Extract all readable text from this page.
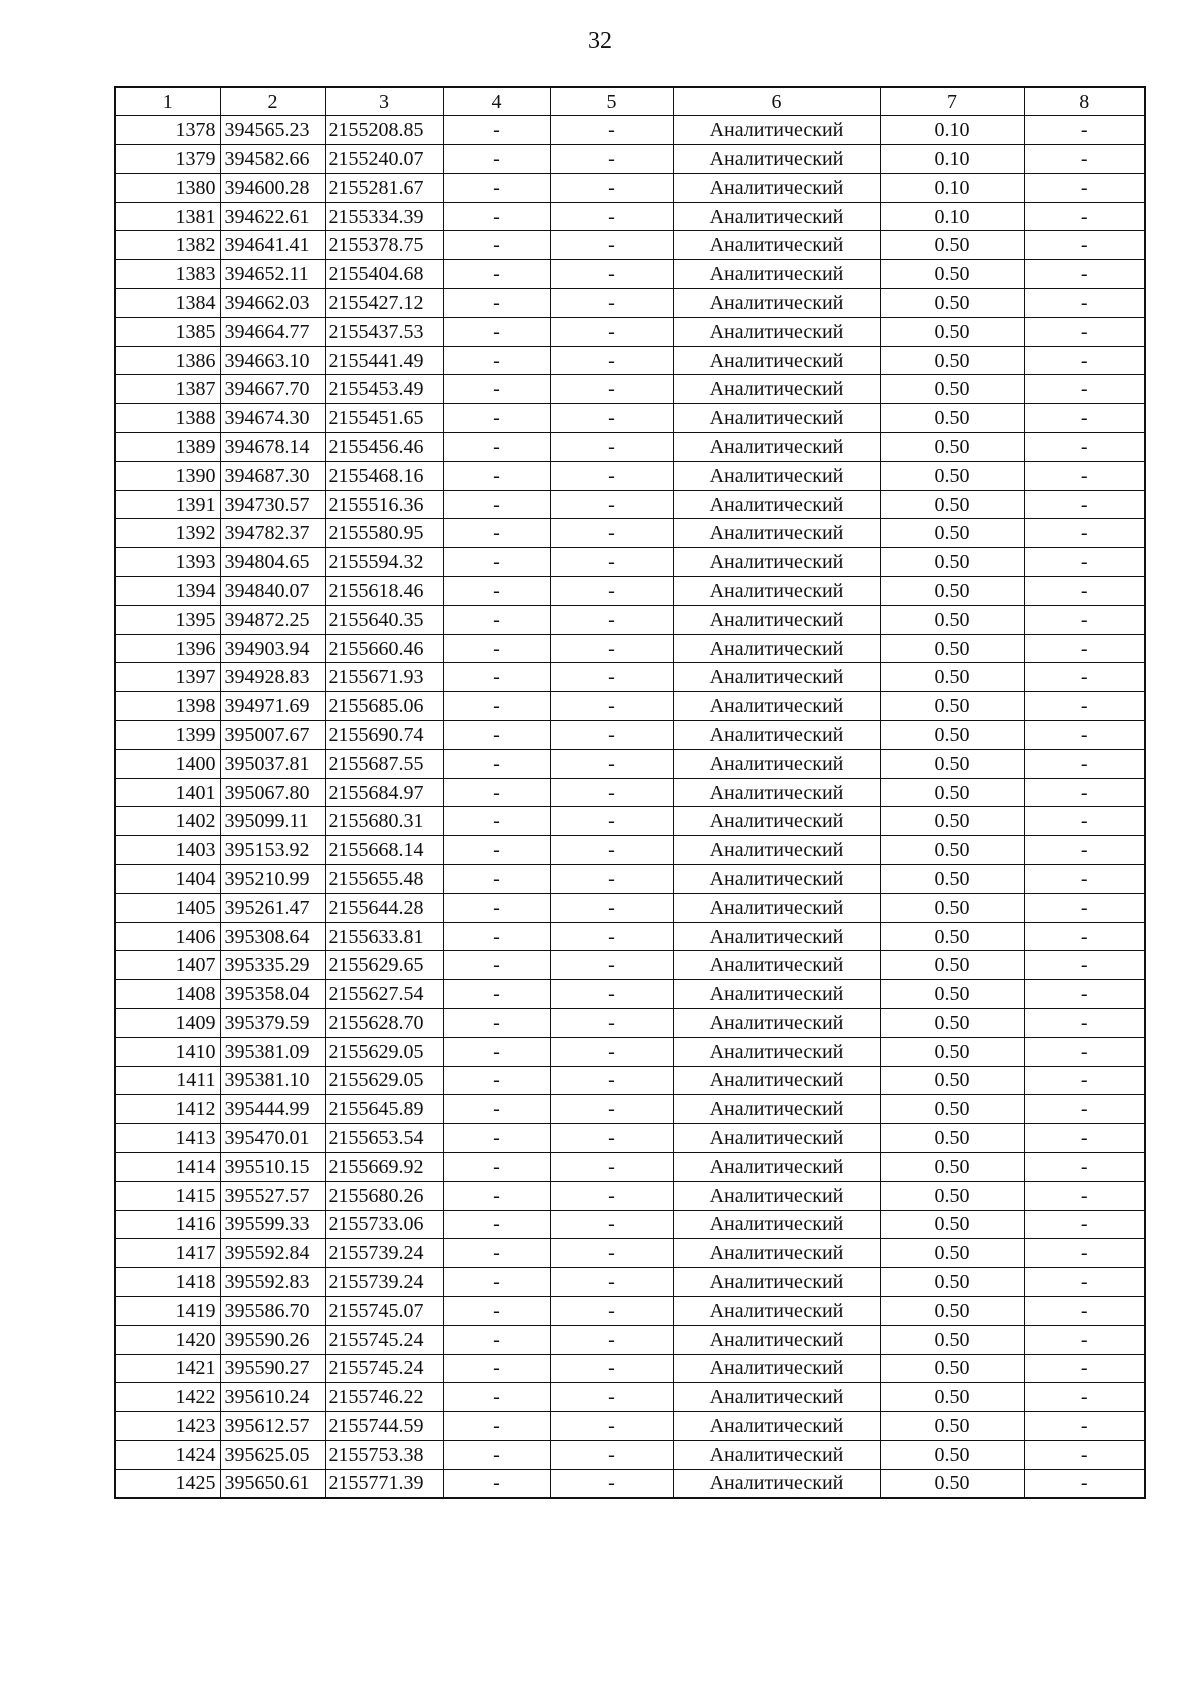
32
1	2	3	4	5	6	7	8
1378	394565.23	2155208.85	-	-	Аналитический	0.10	-
1379	394582.66	2155240.07	-	-	Аналитический	0.10	-
1380	394600.28	2155281.67	-	-	Аналитический	0.10	-
1381	394622.61	2155334.39	-	-	Аналитический	0.10	-
1382	394641.41	2155378.75	-	-	Аналитический	0.50	-
1383	394652.11	2155404.68	-	-	Аналитический	0.50	-
1384	394662.03	2155427.12	-	-	Аналитический	0.50	-
1385	394664.77	2155437.53	-	-	Аналитический	0.50	-
1386	394663.10	2155441.49	-	-	Аналитический	0.50	-
1387	394667.70	2155453.49	-	-	Аналитический	0.50	-
1388	394674.30	2155451.65	-	-	Аналитический	0.50	-
1389	394678.14	2155456.46	-	-	Аналитический	0.50	-
1390	394687.30	2155468.16	-	-	Аналитический	0.50	-
1391	394730.57	2155516.36	-	-	Аналитический	0.50	-
1392	394782.37	2155580.95	-	-	Аналитический	0.50	-
1393	394804.65	2155594.32	-	-	Аналитический	0.50	-
1394	394840.07	2155618.46	-	-	Аналитический	0.50	-
1395	394872.25	2155640.35	-	-	Аналитический	0.50	-
1396	394903.94	2155660.46	-	-	Аналитический	0.50	-
1397	394928.83	2155671.93	-	-	Аналитический	0.50	-
1398	394971.69	2155685.06	-	-	Аналитический	0.50	-
1399	395007.67	2155690.74	-	-	Аналитический	0.50	-
1400	395037.81	2155687.55	-	-	Аналитический	0.50	-
1401	395067.80	2155684.97	-	-	Аналитический	0.50	-
1402	395099.11	2155680.31	-	-	Аналитический	0.50	-
1403	395153.92	2155668.14	-	-	Аналитический	0.50	-
1404	395210.99	2155655.48	-	-	Аналитический	0.50	-
1405	395261.47	2155644.28	-	-	Аналитический	0.50	-
1406	395308.64	2155633.81	-	-	Аналитический	0.50	-
1407	395335.29	2155629.65	-	-	Аналитический	0.50	-
1408	395358.04	2155627.54	-	-	Аналитический	0.50	-
1409	395379.59	2155628.70	-	-	Аналитический	0.50	-
1410	395381.09	2155629.05	-	-	Аналитический	0.50	-
1411	395381.10	2155629.05	-	-	Аналитический	0.50	-
1412	395444.99	2155645.89	-	-	Аналитический	0.50	-
1413	395470.01	2155653.54	-	-	Аналитический	0.50	-
1414	395510.15	2155669.92	-	-	Аналитический	0.50	-
1415	395527.57	2155680.26	-	-	Аналитический	0.50	-
1416	395599.33	2155733.06	-	-	Аналитический	0.50	-
1417	395592.84	2155739.24	-	-	Аналитический	0.50	-
1418	395592.83	2155739.24	-	-	Аналитический	0.50	-
1419	395586.70	2155745.07	-	-	Аналитический	0.50	-
1420	395590.26	2155745.24	-	-	Аналитический	0.50	-
1421	395590.27	2155745.24	-	-	Аналитический	0.50	-
1422	395610.24	2155746.22	-	-	Аналитический	0.50	-
1423	395612.57	2155744.59	-	-	Аналитический	0.50	-
1424	395625.05	2155753.38	-	-	Аналитический	0.50	-
1425	395650.61	2155771.39	-	-	Аналитический	0.50	-
